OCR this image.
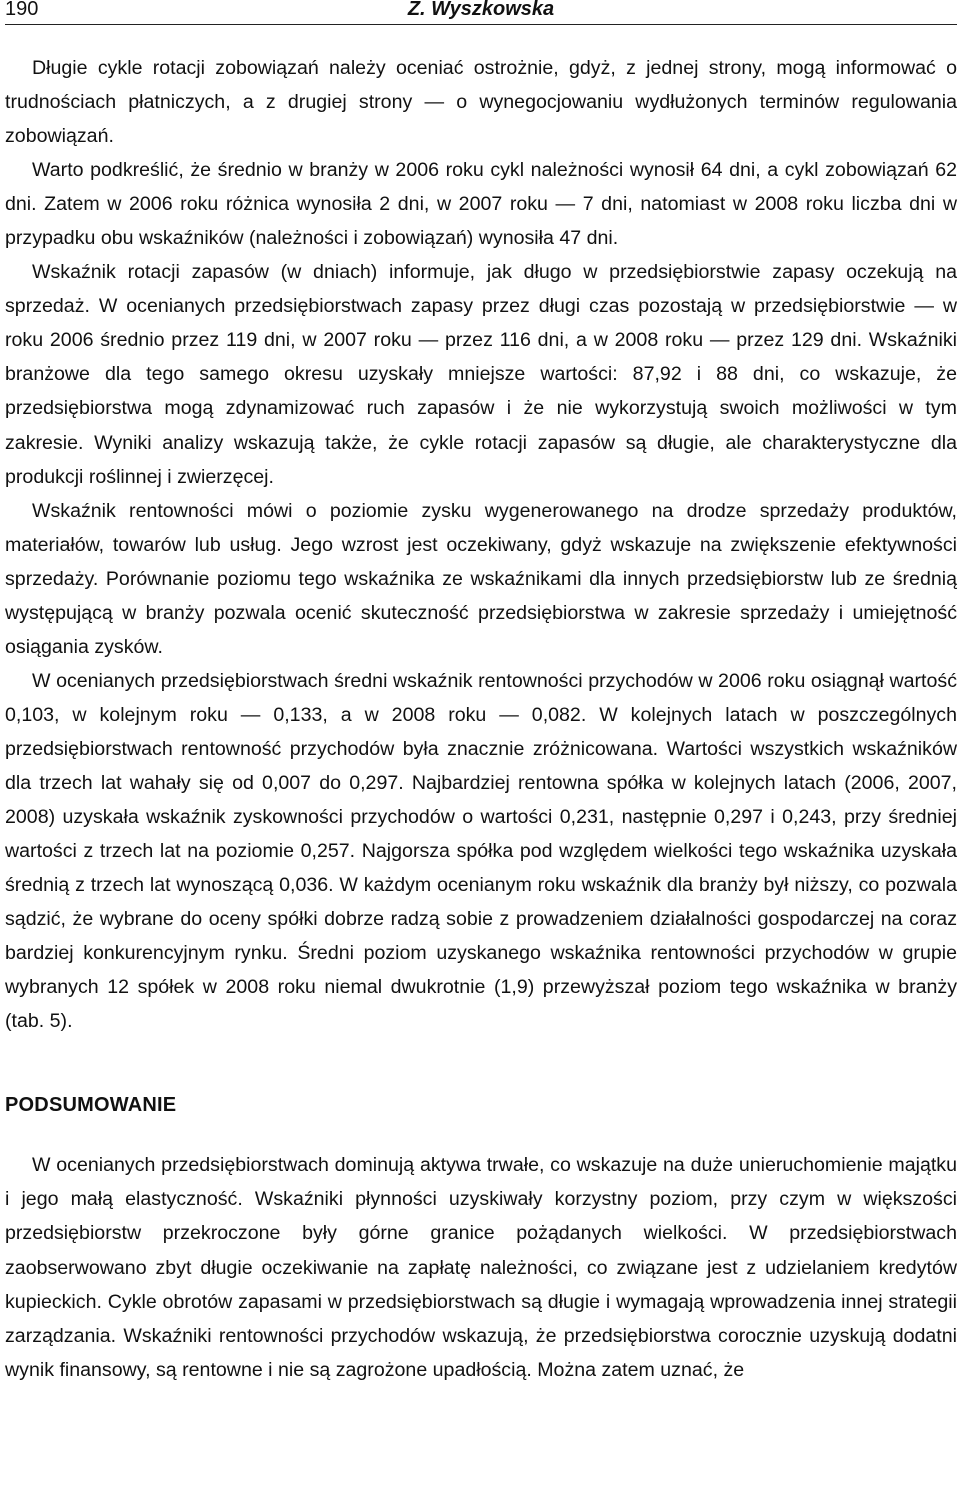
190	Z. Wyszkowska

Długie cykle rotacji zobowiązań należy oceniać ostrożnie, gdyż, z jednej strony, mogą informować o trudnościach płatniczych, a z drugiej strony — o wynegocjowaniu wydłużonych terminów regulowania zobowiązań.

Warto podkreślić, że średnio w branży w 2006 roku cykl należności wynosił 64 dni, a cykl zobowiązań 62 dni. Zatem w 2006 roku różnica wynosiła 2 dni, w 2007 roku — 7 dni, natomiast w 2008 roku liczba dni w przypadku obu wskaźników (należności i zobowiązań) wynosiła 47 dni.

Wskaźnik rotacji zapasów (w dniach) informuje, jak długo w przedsiębiorstwie zapasy oczekują na sprzedaż. W ocenianych przedsiębiorstwach zapasy przez długi czas pozostają w przedsiębiorstwie — w roku 2006 średnio przez 119 dni, w 2007 roku — przez 116 dni, a w 2008 roku — przez 129 dni. Wskaźniki branżowe dla tego samego okresu uzyskały mniejsze wartości: 87,92 i 88 dni, co wskazuje, że przedsiębiorstwa mogą zdynamizować ruch zapasów i że nie wykorzystują swoich możliwości w tym zakresie. Wyniki analizy wskazują także, że cykle rotacji zapasów są długie, ale charakterystyczne dla produkcji roślinnej i zwierzęcej.

Wskaźnik rentowności mówi o poziomie zysku wygenerowanego na drodze sprzedaży produktów, materiałów, towarów lub usług. Jego wzrost jest oczekiwany, gdyż wskazuje na zwiększenie efektywności sprzedaży. Porównanie poziomu tego wskaźnika ze wskaźnikami dla innych przedsiębiorstw lub ze średnią występującą w branży pozwala ocenić skuteczność przedsiębiorstwa w zakresie sprzedaży i umiejętność osiągania zysków.

W ocenianych przedsiębiorstwach średni wskaźnik rentowności przychodów w 2006 roku osiągnął wartość 0,103, w kolejnym roku — 0,133, a w 2008 roku — 0,082. W kolejnych latach w poszczególnych przedsiębiorstwach rentowność przychodów była znacznie zróżnicowana. Wartości wszystkich wskaźników dla trzech lat wahały się od 0,007 do 0,297. Najbardziej rentowna spółka w kolejnych latach (2006, 2007, 2008) uzyskała wskaźnik zyskowności przychodów o wartości 0,231, następnie 0,297 i 0,243, przy średniej wartości z trzech lat na poziomie 0,257. Najgorsza spółka pod względem wielkości tego wskaźnika uzyskała średnią z trzech lat wynoszącą 0,036. W każdym ocenianym roku wskaźnik dla branży był niższy, co pozwala sądzić, że wybrane do oceny spółki dobrze radzą sobie z prowadzeniem działalności gospodarczej na coraz bardziej konkurencyjnym rynku. Średni poziom uzyskanego wskaźnika rentowności przychodów w grupie wybranych 12 spółek w 2008 roku niemal dwukrotnie (1,9) przewyższał poziom tego wskaźnika w branży (tab. 5).

PODSUMOWANIE

W ocenianych przedsiębiorstwach dominują aktywa trwałe, co wskazuje na duże unieruchomienie majątku i jego małą elastyczność. Wskaźniki płynności uzyskiwały korzystny poziom, przy czym w większości przedsiębiorstw przekroczone były górne granice pożądanych wielkości. W przedsiębiorstwach zaobserwowano zbyt długie oczekiwanie na zapłatę należności, co związane jest z udzielaniem kredytów kupieckich. Cykle obrotów zapasami w przedsiębiorstwach są długie i wymagają wprowadzenia innej strategii zarządzania. Wskaźniki rentowności przychodów wskazują, że przedsiębiorstwa corocznie uzyskują dodatni wynik finansowy, są rentowne i nie są zagrożone upadłością. Można zatem uznać, że
